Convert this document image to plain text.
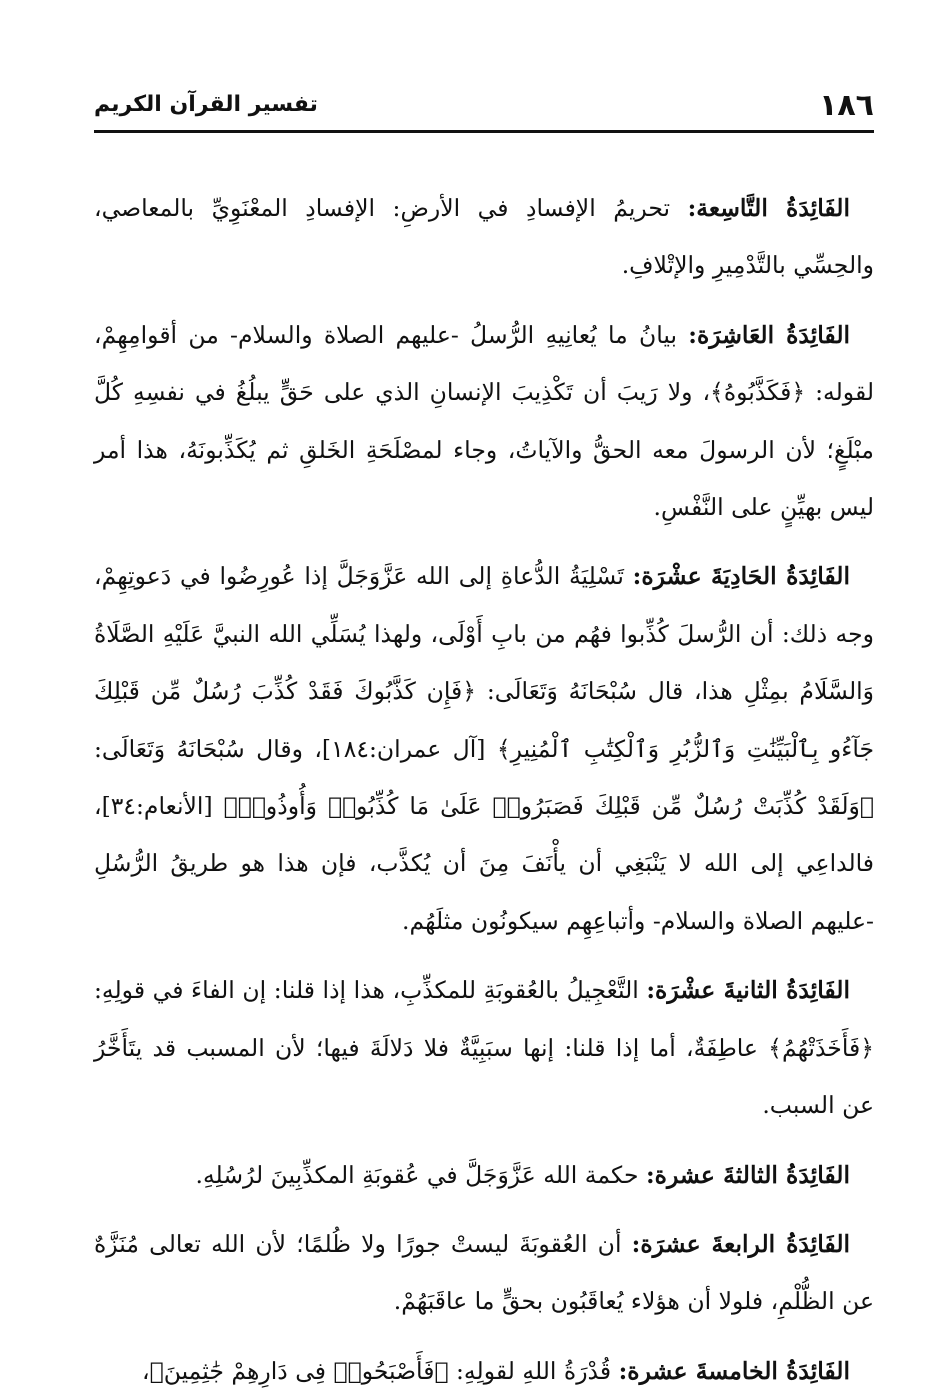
١٨٦
تفسير القرآن الكريم

الفَائِدَةُ التَّاسِعة: تحريمُ الإفسادِ في الأرضِ: الإفسادِ المعْنَوِيِّ بالمعاصي، والحِسِّي بالتَّدْمِيرِ والإتْلافِ.

الفَائِدَةُ العَاشِرَة: بيانُ ما يُعانِيهِ الرُّسلُ -عليهم الصلاة والسلام- من أقوامِهِمْ، لقوله: ﴿فَكَذَّبُوهُ﴾، ولا رَيبَ أن تَكْذِيبَ الإنسانِ الذي على حَقٍّ يبلُغُ في نفسِهِ كُلَّ مبْلَغٍ؛ لأن الرسولَ معه الحقُّ والآياتُ، وجاء لمصْلَحَةِ الخَلقِ ثم يُكَذِّبونَهُ، هذا أمر ليس بهيِّنٍ على النَّفْسِ.

الفَائِدَةُ الحَادِيَةَ عشْرَة: تَسْلِيَةُ الدُّعاةِ إلى الله عَزَّوَجَلَّ إذا عُورِضُوا في دَعوتِهِمْ، وجه ذلك: أن الرُّسلَ كُذِّبوا فهُم من بابِ أَوْلَى، ولهذا يُسَلِّي الله النبيَّ عَلَيْهِ الصَّلَاةُ وَالسَّلَامُ بمِثْلِ هذا، قال سُبْحَانَهُ وَتَعَالَى: ﴿فَإِن كَذَّبُوكَ فَقَدْ كُذِّبَ رُسُلٌ مِّن قَبْلِكَ جَآءُو بِٱلْبَيِّنَٰتِ وَٱلزُّبُرِ وَٱلْكِتَٰبِ ٱلْمُنِيرِ﴾ [آل عمران:١٨٤]، وقال سُبْحَانَهُ وَتَعَالَى: ﴿وَلَقَدْ كُذِّبَتْ رُسُلٌ مِّن قَبْلِكَ فَصَبَرُوا۟ عَلَىٰ مَا كُذِّبُوا۟ وَأُوذُوا۟﴾ [الأنعام:٣٤]، فالداعِي إلى الله لا يَنْبَغِي أن يأْنَفَ مِنَ أن يُكذَّب، فإن هذا هو طريقُ الرُّسُلِ -عليهم الصلاة والسلام- وأتباعِهِم سيكونُون مثلَهُم.

الفَائِدَةُ الثانيةَ عشْرَة: التَّعْجِيلُ بالعُقوبَةِ للمكذِّبِ، هذا إذا قلنا: إن الفاءَ في قولِهِ: ﴿فَأَخَذَتْهُمُ﴾ عاطِفَةٌ، أما إذا قلنا: إنها سبَبِيَّةٌ فلا دَلالَةَ فيها؛ لأن المسبب قد يتَأَخَّرُ عن السبب.

الفَائِدَةُ الثالثةَ عشرة: حكمة الله عَزَّوَجَلَّ في عُقوبَةِ المكذِّبِينَ لرُسُلِهِ.

الفَائِدَةُ الرابعةَ عشرَة: أن العُقوبَةَ ليستْ جورًا ولا ظُلمًا؛ لأن الله تعالى مُنَزَّهٌ عن الظُّلْمِ، فلولا أن هؤلاء يُعاقَبُون بحقٍّ ما عاقَبَهُمْ.

الفَائِدَةُ الخامسةَ عشرة: قُدْرَةُ اللهِ لقولِهِ: ﴿فَأَصْبَحُوا۟ فِى دَارِهِمْ جَٰثِمِينَ﴾،
